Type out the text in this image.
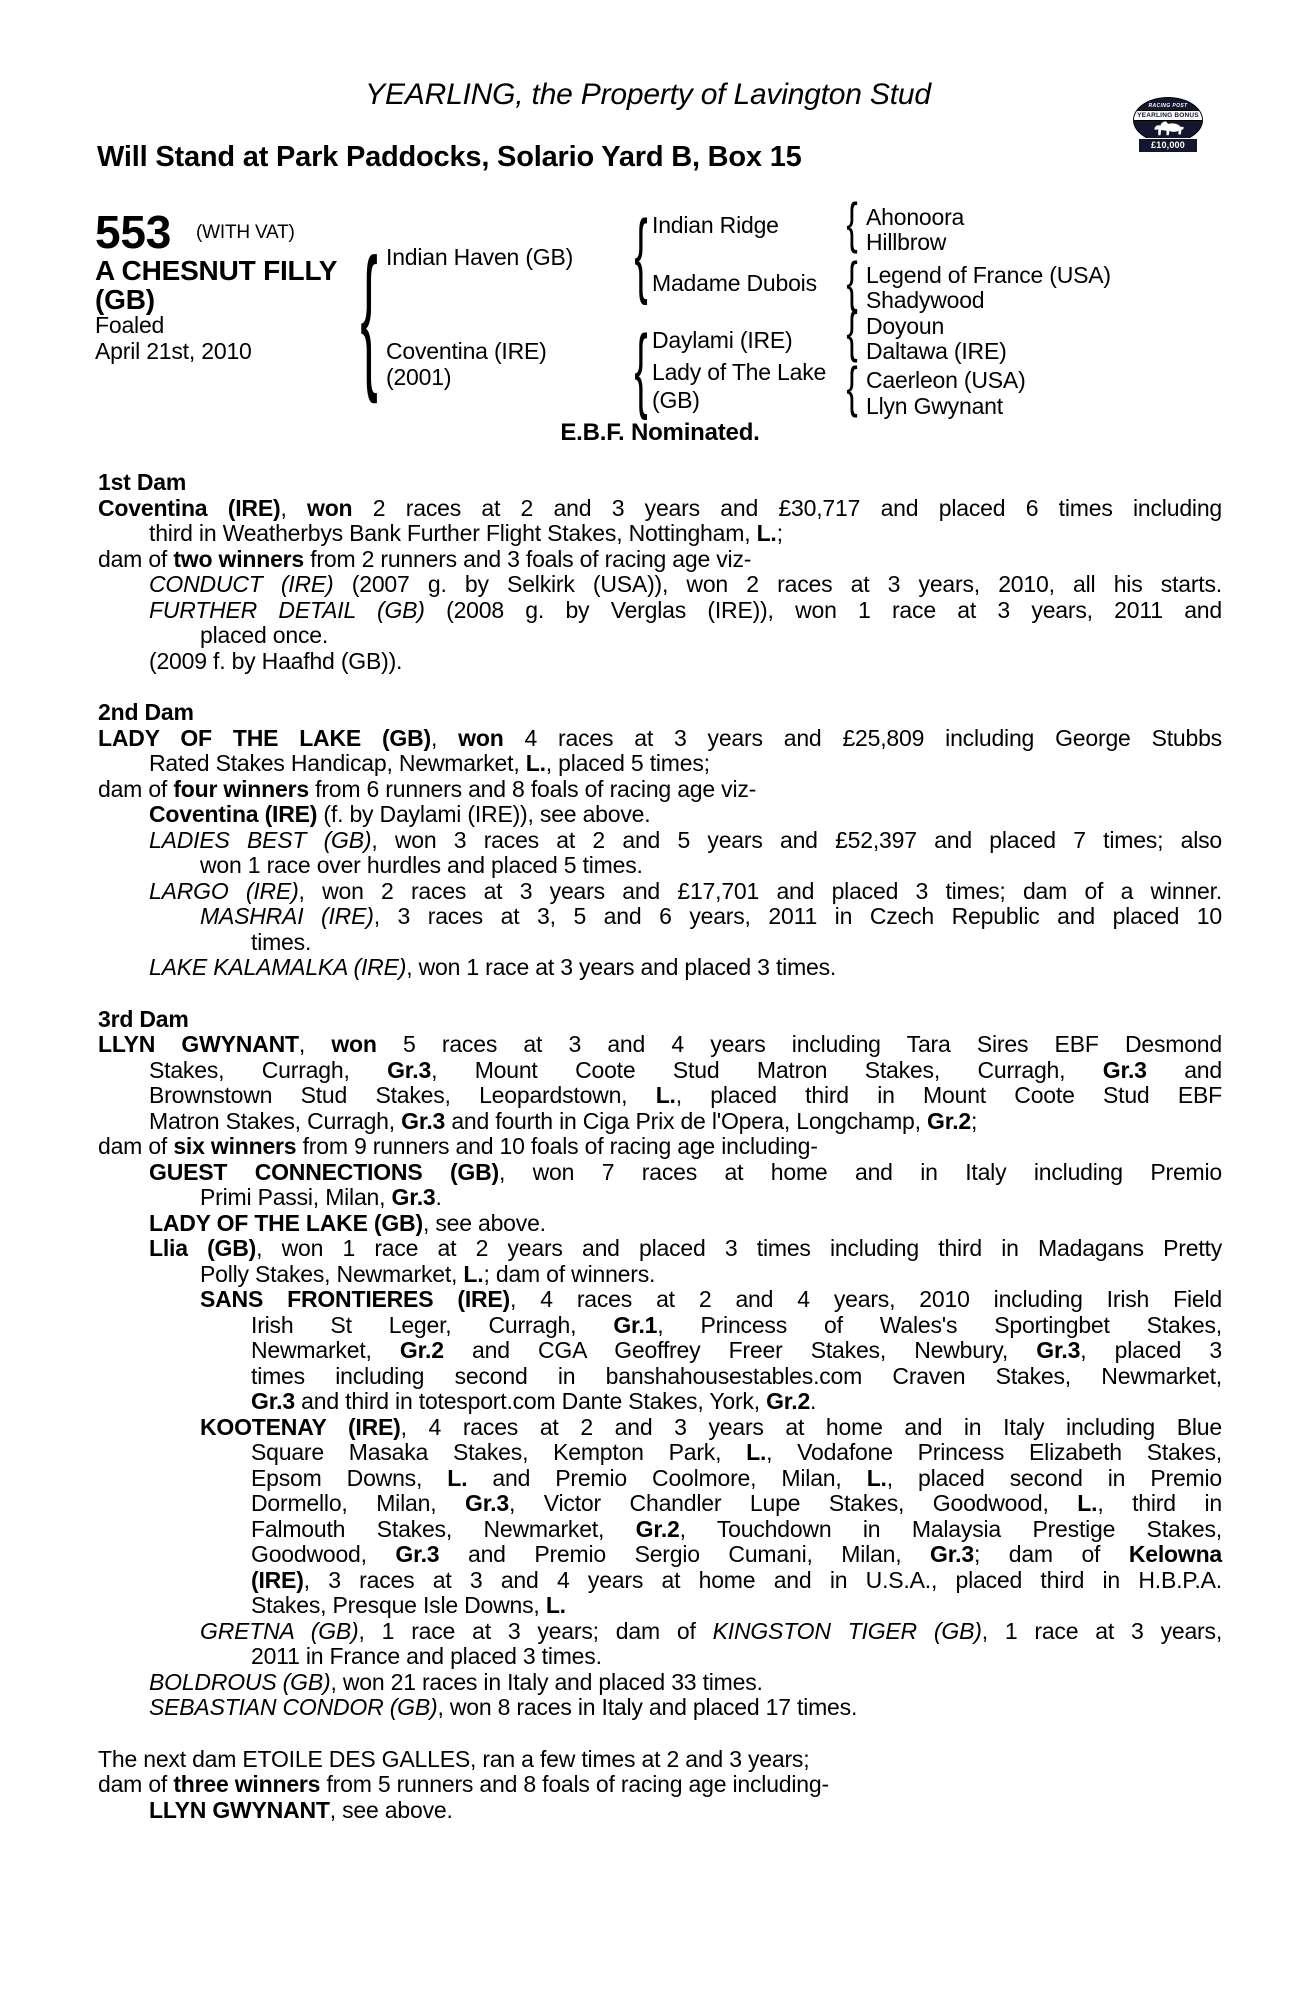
YEARLING, the Property of Lavington Stud
Will Stand at Park Paddocks, Solario Yard B, Box 15
RACING POST
YEARLING BONUS
£10,000
553 (WITH VAT)
A CHESNUT FILLY
(GB)
Foaled
April 21st, 2010
{
{
{
{
{
{
{
Indian Haven (GB)
Coventina (IRE)
(2001)
Indian Ridge
Madame Dubois
Daylami (IRE)
Lady of The Lake
(GB)
Ahonoora
Hillbrow
Legend of France (USA)
Shadywood
Doyoun
Daltawa (IRE)
Caerleon (USA)
Llyn Gwynant
E.B.F. Nominated.
1st Dam
Coventina (IRE), won 2 races at 2 and 3 years and £30,717 and placed 6 times including
third in Weatherbys Bank Further Flight Stakes, Nottingham, L.;
dam of two winners from 2 runners and 3 foals of racing age viz-
CONDUCT (IRE) (2007 g. by Selkirk (USA)), won 2 races at 3 years, 2010, all his starts.
FURTHER DETAIL (GB) (2008 g. by Verglas (IRE)), won 1 race at 3 years, 2011 and
placed once.
(2009 f. by Haafhd (GB)).
2nd Dam
LADY OF THE LAKE (GB), won 4 races at 3 years and £25,809 including George Stubbs
Rated Stakes Handicap, Newmarket, L., placed 5 times;
dam of four winners from 6 runners and 8 foals of racing age viz-
Coventina (IRE) (f. by Daylami (IRE)), see above.
LADIES BEST (GB), won 3 races at 2 and 5 years and £52,397 and placed 7 times; also
won 1 race over hurdles and placed 5 times.
LARGO (IRE), won 2 races at 3 years and £17,701 and placed 3 times; dam of a winner.
MASHRAI (IRE), 3 races at 3, 5 and 6 years, 2011 in Czech Republic and placed 10
times.
LAKE KALAMALKA (IRE), won 1 race at 3 years and placed 3 times.
3rd Dam
LLYN GWYNANT, won 5 races at 3 and 4 years including Tara Sires EBF Desmond
Stakes, Curragh, Gr.3, Mount Coote Stud Matron Stakes, Curragh, Gr.3 and
Brownstown Stud Stakes, Leopardstown, L., placed third in Mount Coote Stud EBF
Matron Stakes, Curragh, Gr.3 and fourth in Ciga Prix de l'Opera, Longchamp, Gr.2;
dam of six winners from 9 runners and 10 foals of racing age including-
GUEST CONNECTIONS (GB), won 7 races at home and in Italy including Premio
Primi Passi, Milan, Gr.3.
LADY OF THE LAKE (GB), see above.
Llia (GB), won 1 race at 2 years and placed 3 times including third in Madagans Pretty
Polly Stakes, Newmarket, L.; dam of winners.
SANS FRONTIERES (IRE), 4 races at 2 and 4 years, 2010 including Irish Field
Irish St Leger, Curragh, Gr.1, Princess of Wales's Sportingbet Stakes,
Newmarket, Gr.2 and CGA Geoffrey Freer Stakes, Newbury, Gr.3, placed 3
times including second in banshahousestables.com Craven Stakes, Newmarket,
Gr.3 and third in totesport.com Dante Stakes, York, Gr.2.
KOOTENAY (IRE), 4 races at 2 and 3 years at home and in Italy including Blue
Square Masaka Stakes, Kempton Park, L., Vodafone Princess Elizabeth Stakes,
Epsom Downs, L. and Premio Coolmore, Milan, L., placed second in Premio
Dormello, Milan, Gr.3, Victor Chandler Lupe Stakes, Goodwood, L., third in
Falmouth Stakes, Newmarket, Gr.2, Touchdown in Malaysia Prestige Stakes,
Goodwood, Gr.3 and Premio Sergio Cumani, Milan, Gr.3; dam of Kelowna
(IRE), 3 races at 3 and 4 years at home and in U.S.A., placed third in H.B.P.A.
Stakes, Presque Isle Downs, L.
GRETNA (GB), 1 race at 3 years; dam of KINGSTON TIGER (GB), 1 race at 3 years,
2011 in France and placed 3 times.
BOLDROUS (GB), won 21 races in Italy and placed 33 times.
SEBASTIAN CONDOR (GB), won 8 races in Italy and placed 17 times.
The next dam ETOILE DES GALLES, ran a few times at 2 and 3 years;
dam of three winners from 5 runners and 8 foals of racing age including-
LLYN GWYNANT, see above.
